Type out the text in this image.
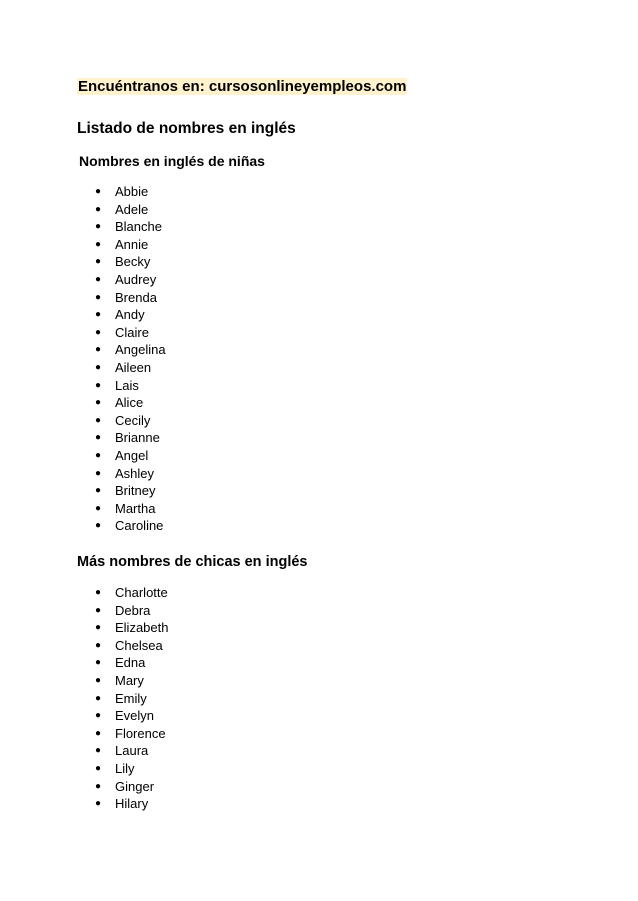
Encuéntranos en: cursosonlineyempleos.com
Listado de nombres en inglés
Nombres en inglés de niñas
● Abbie
● Adele
● Blanche
● Annie
● Becky
● Audrey
● Brenda
● Andy
● Claire
● Angelina
● Aileen
● Lais
● Alice
● Cecily
● Brianne
● Angel
● Ashley
● Britney
● Martha
● Caroline
Más nombres de chicas en inglés
● Charlotte
● Debra
● Elizabeth
● Chelsea
● Edna
● Mary
● Emily
● Evelyn
● Florence
● Laura
● Lily
● Ginger
● Hilary
